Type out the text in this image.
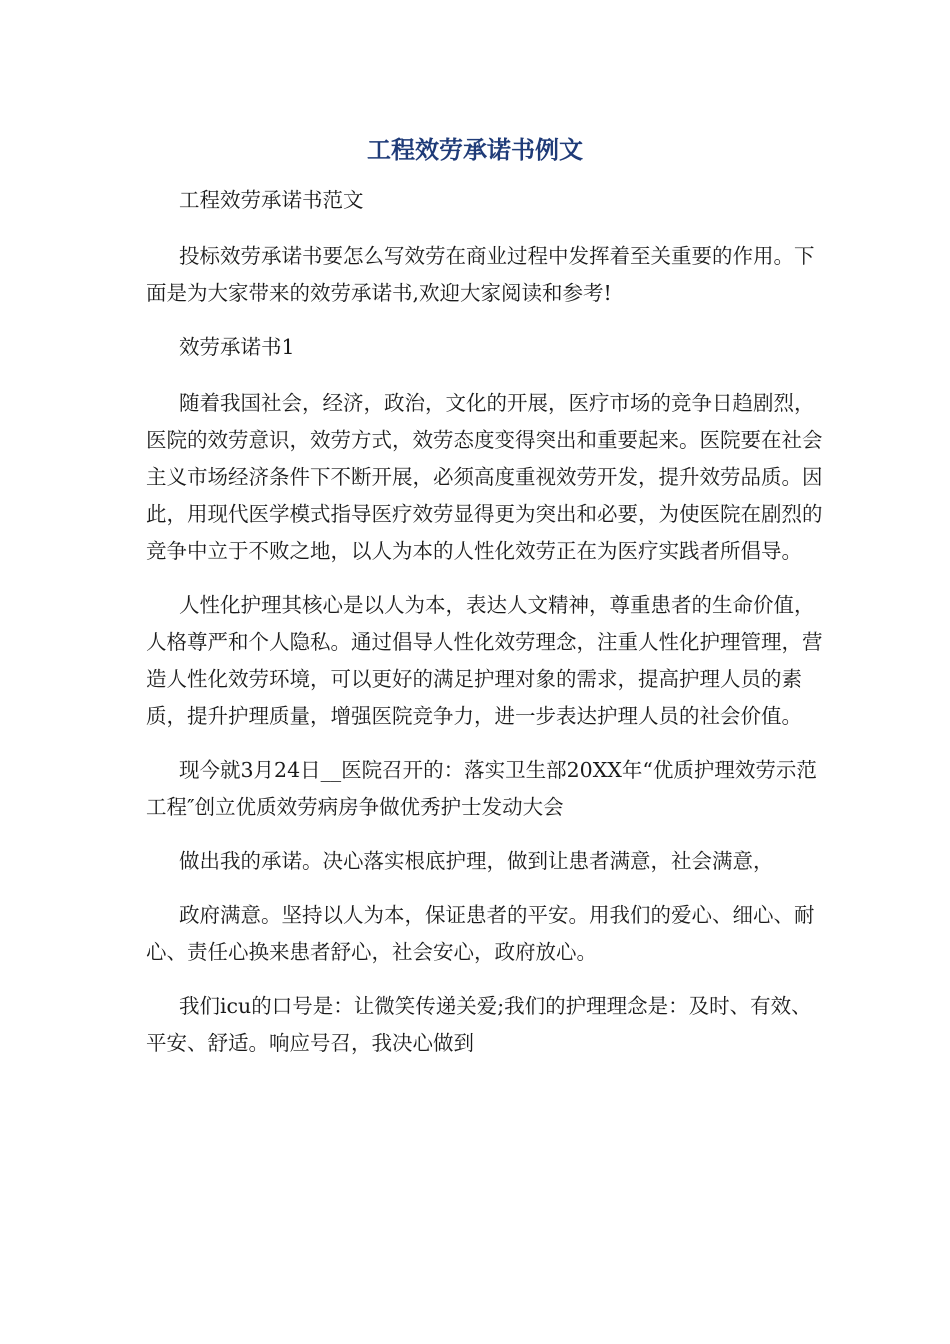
工程效劳承诺书例文

工程效劳承诺书范文

投标效劳承诺书要怎么写效劳在商业过程中发挥着至关重要的作用。下面是为大家带来的效劳承诺书,欢迎大家阅读和参考!

效劳承诺书1

随着我国社会，经济，政治，文化的开展，医疗市场的竞争日趋剧烈，医院的效劳意识，效劳方式，效劳态度变得突出和重要起来。医院要在社会主义市场经济条件下不断开展，必须高度重视效劳开发，提升效劳品质。因此，用现代医学模式指导医疗效劳显得更为突出和必要，为使医院在剧烈的竞争中立于不败之地，以人为本的人性化效劳正在为医疗实践者所倡导。

人性化护理其核心是以人为本，表达人文精神，尊重患者的生命价值，人格尊严和个人隐私。通过倡导人性化效劳理念，注重人性化护理管理，营造人性化效劳环境，可以更好的满足护理对象的需求，提高护理人员的素质，提升护理质量，增强医院竞争力，进一步表达护理人员的社会价值。

现今就3月24日__医院召开的：落实卫生部20XX年“优质护理效劳示范工程″创立优质效劳病房争做优秀护士发动大会

做出我的承诺。决心落实根底护理，做到让患者满意，社会满意，

政府满意。坚持以人为本，保证患者的平安。用我们的爱心、细心、耐心、责任心换来患者舒心，社会安心，政府放心。

我们icu的口号是：让微笑传递关爱;我们的护理理念是：及时、有效、平安、舒适。响应号召，我决心做到
